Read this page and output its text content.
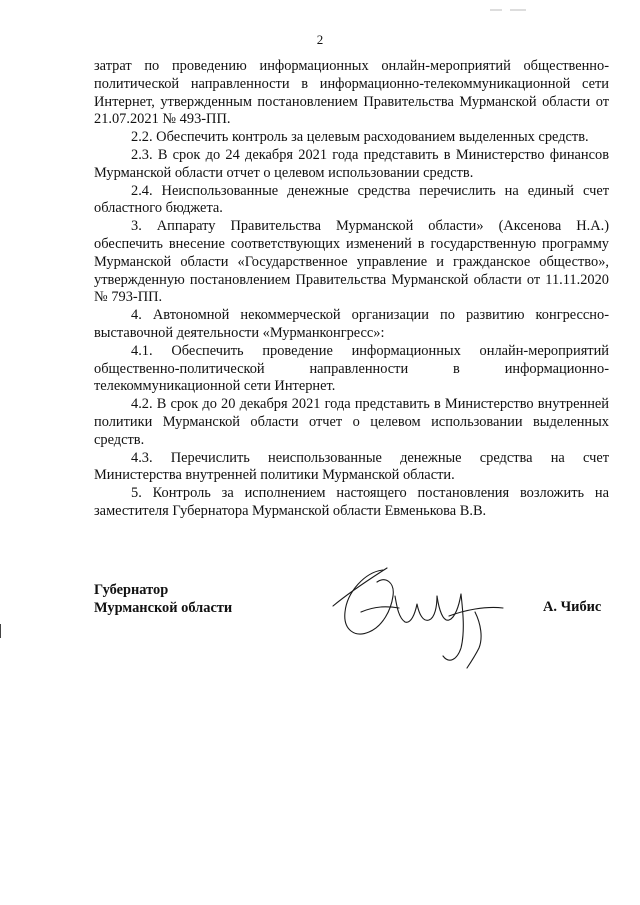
2

затрат по проведению информационных онлайн-мероприятий общественно-политической направленности в информационно-телекоммуникационной сети Интернет, утвержденным постановлением Правительства Мурманской области от 21.07.2021 № 493-ПП.

2.2. Обеспечить контроль за целевым расходованием выделенных средств.

2.3. В срок до 24 декабря 2021 года представить в Министерство финансов Мурманской области отчет о целевом использовании средств.

2.4. Неиспользованные денежные средства перечислить на единый счет областного бюджета.

3. Аппарату Правительства Мурманской области» (Аксенова Н.А.) обеспечить внесение соответствующих изменений в государственную программу Мурманской области «Государственное управление и гражданское общество», утвержденную постановлением Правительства Мурманской области от 11.11.2020 № 793-ПП.

4. Автономной некоммерческой организации по развитию конгрессно-выставочной деятельности «Мурманконгресс»:

4.1. Обеспечить проведение информационных онлайн-мероприятий общественно-политической направленности в информационно-телекоммуникационной сети Интернет.

4.2. В срок до 20 декабря 2021 года представить в Министерство внутренней политики Мурманской области отчет о целевом использовании выделенных средств.

4.3. Перечислить неиспользованные денежные средства на счет Министерства внутренней политики Мурманской области.

5. Контроль за исполнением настоящего постановления возложить на заместителя Губернатора Мурманской области Евменькова В.В.

Губернатор
Мурманской области	А. Чибис
